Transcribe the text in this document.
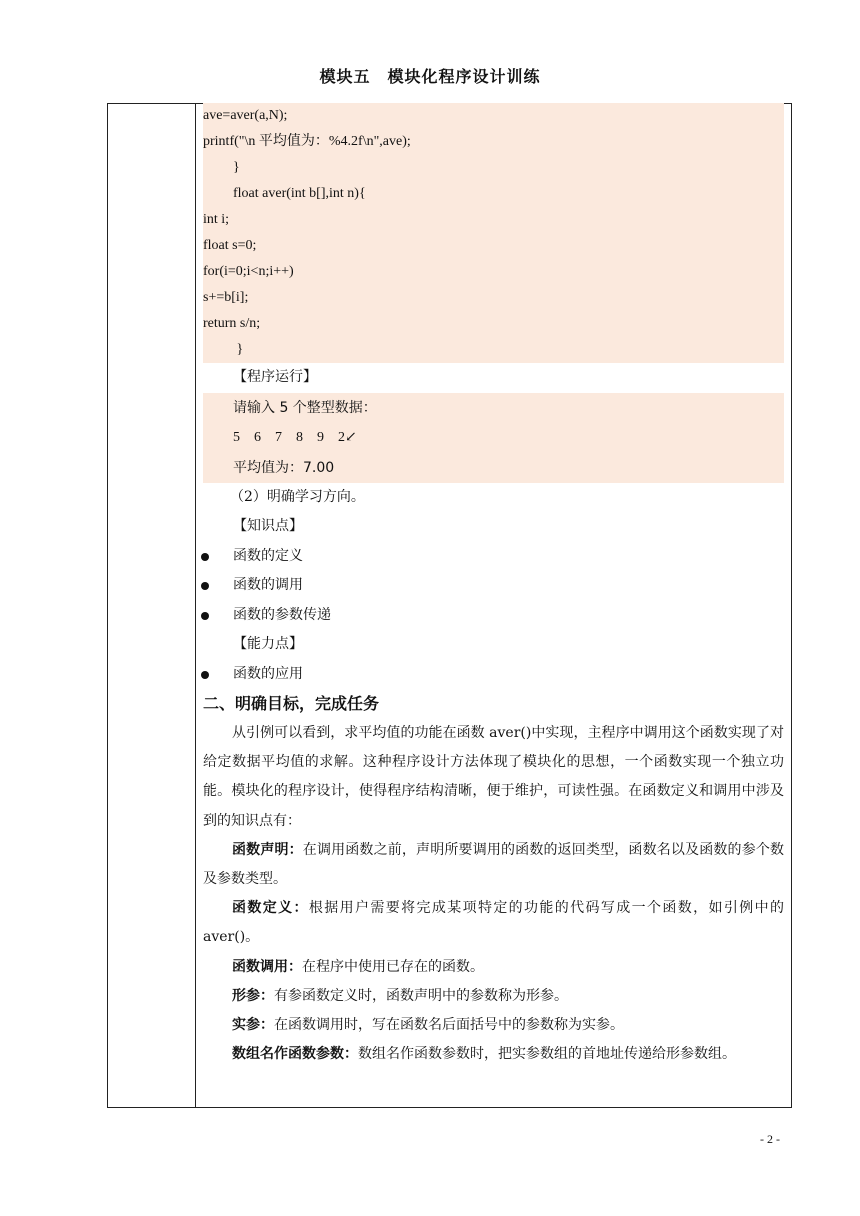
模块五　模块化程序设计训练
ave=aver(a,N);
printf("\n 平均值为：%4.2f\n",ave);
}
float aver(int b[],int n){
int i;
float s=0;
for(i=0;i<n;i++)
s+=b[i];
return s/n;
}
【程序运行】
请输入 5 个整型数据：
5　6　7　8　9　2↙
平均值为：7.00
（2）明确学习方向。
【知识点】
函数的定义
函数的调用
函数的参数传递
【能力点】
函数的应用
二、明确目标，完成任务
从引例可以看到，求平均值的功能在函数 aver()中实现，主程序中调用这个函数实现了对给定数据平均值的求解。这种程序设计方法体现了模块化的思想，一个函数实现一个独立功能。模块化的程序设计，使得程序结构清晰，便于维护，可读性强。在函数定义和调用中涉及到的知识点有：
函数声明：在调用函数之前，声明所要调用的函数的返回类型，函数名以及函数的参个数及参数类型。
函数定义：根据用户需要将完成某项特定的功能的代码写成一个函数，如引例中的 aver()。
函数调用：在程序中使用已存在的函数。
形参：有参函数定义时，函数声明中的参数称为形参。
实参：在函数调用时，写在函数名后面括号中的参数称为实参。
数组名作函数参数：数组名作函数参数时，把实参数组的首地址传递给形参数组。
- 2 -
